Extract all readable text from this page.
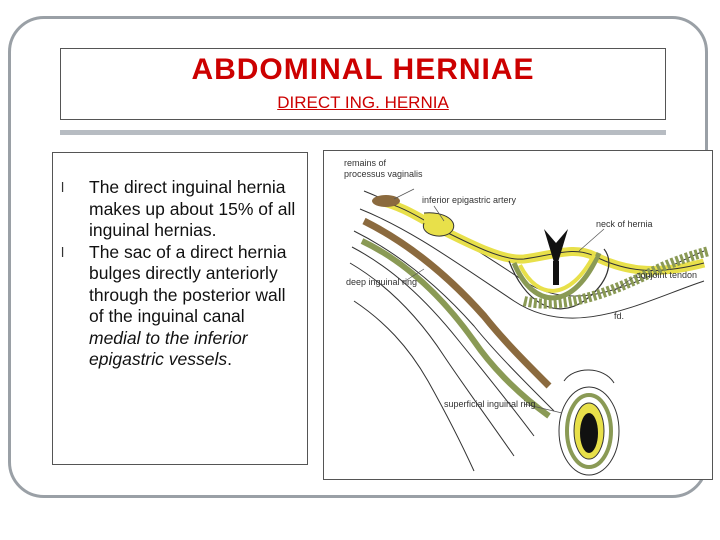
ABDOMINAL HERNIAE
DIRECT ING. HERNIA
l	The direct inguinal hernia makes up about 15% of all inguinal hernias.
l	The sac of a direct hernia bulges directly anteriorly through the posterior wall of the inguinal canal medial to the inferior epigastric vessels.
remains of
processus vaginalis
inferior epigastric artery
neck of hernia
conjoint tendon
deep inguinal ring
superficial inguinal ring
fd.
